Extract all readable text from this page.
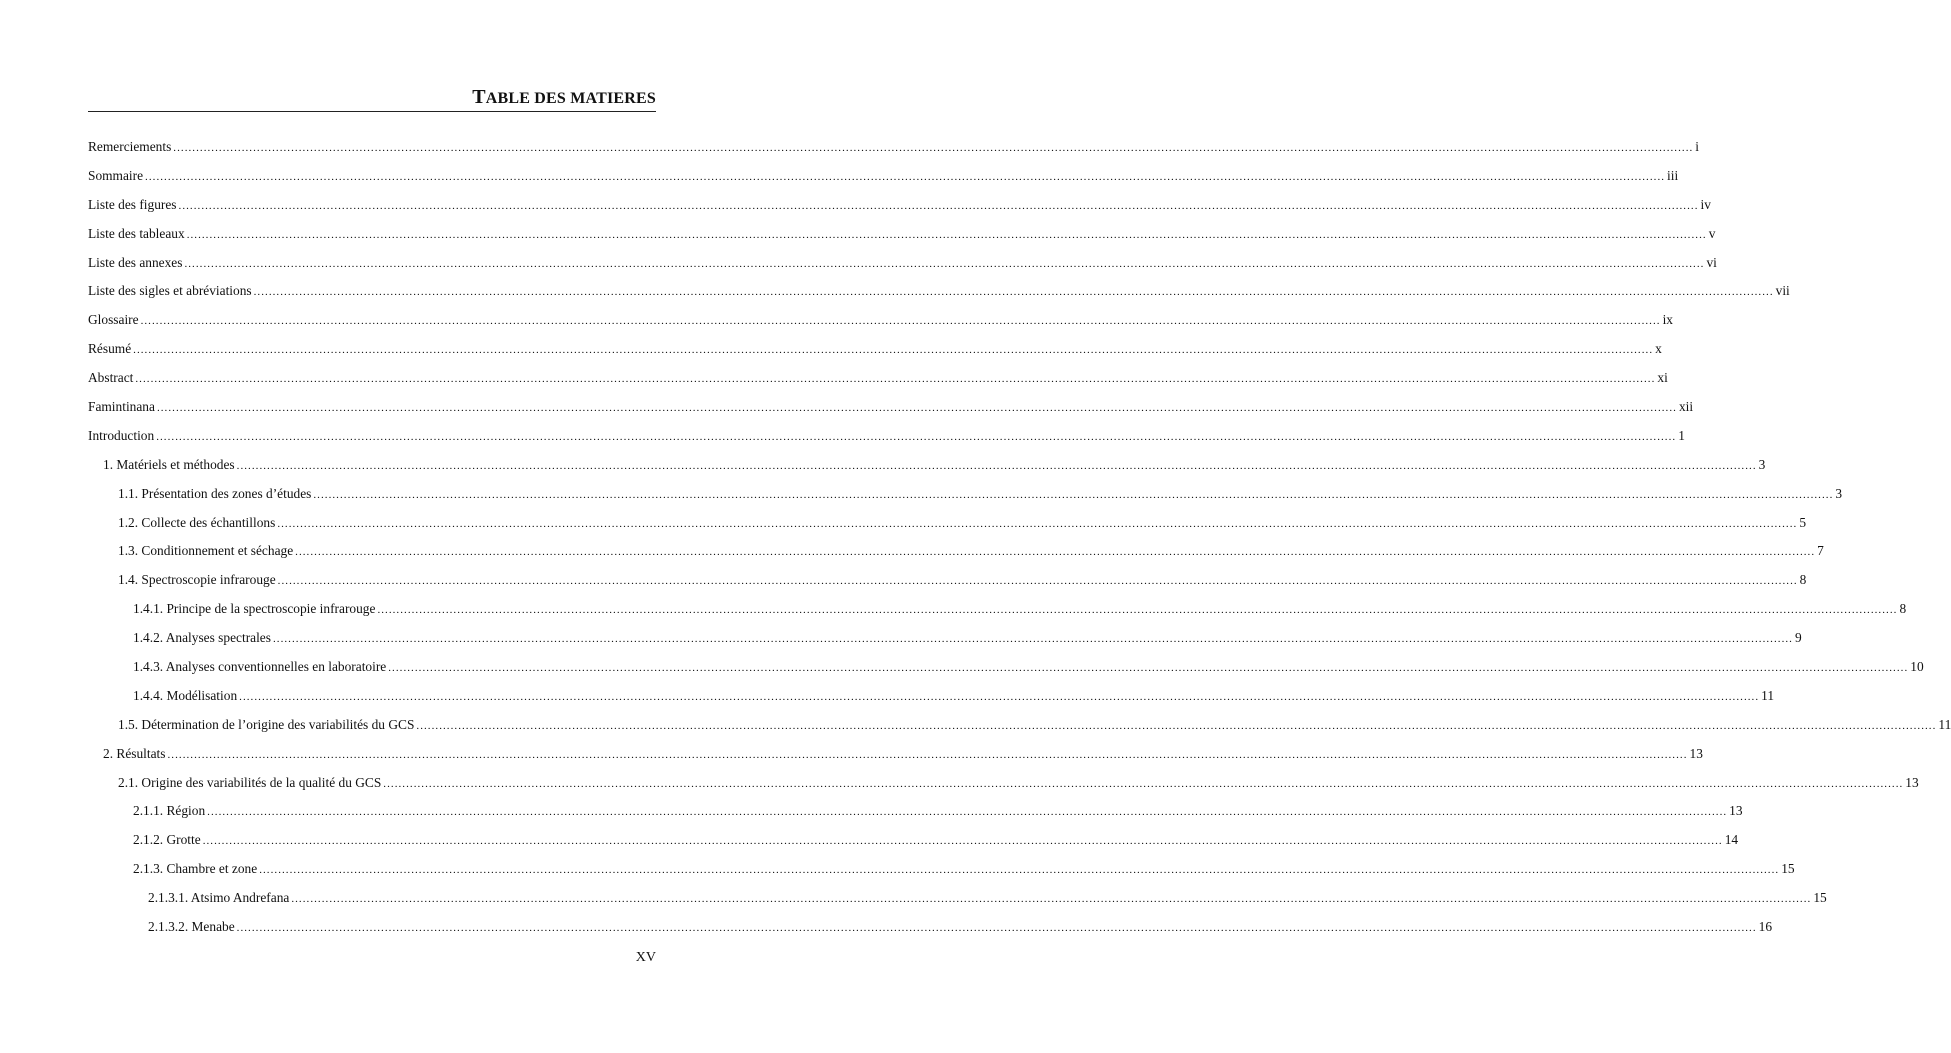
TABLE DES MATIERES
Remerciements ................................................................................................................................................................................................................................................................................................................................................................................................................ i
Sommaire ................................................................................................................................................................................................................................................................................................................................................................................................................ iii
Liste des figures ................................................................................................................................................................................................................................................................................................................................................................................................................ iv
Liste des tableaux ................................................................................................................................................................................................................................................................................................................................................................................................................ v
Liste des annexes ................................................................................................................................................................................................................................................................................................................................................................................................................ vi
Liste des sigles et abréviations ................................................................................................................................................................................................................................................................................................................................................................................................................ vii
Glossaire ................................................................................................................................................................................................................................................................................................................................................................................................................ ix
Résumé ................................................................................................................................................................................................................................................................................................................................................................................................................ x
Abstract ................................................................................................................................................................................................................................................................................................................................................................................................................ xi
Famintinana ................................................................................................................................................................................................................................................................................................................................................................................................................ xii
Introduction ................................................................................................................................................................................................................................................................................................................................................................................................................ 1
1. Matériels et méthodes ................................................................................................................................................................................................................................................................................................................................................................................................................ 3
1.1. Présentation des zones d’études ................................................................................................................................................................................................................................................................................................................................................................................................................ 3
1.2. Collecte des échantillons ................................................................................................................................................................................................................................................................................................................................................................................................................ 5
1.3. Conditionnement et séchage ................................................................................................................................................................................................................................................................................................................................................................................................................ 7
1.4. Spectroscopie infrarouge ................................................................................................................................................................................................................................................................................................................................................................................................................ 8
1.4.1. Principe de la spectroscopie infrarouge ................................................................................................................................................................................................................................................................................................................................................................................................................ 8
1.4.2. Analyses spectrales ................................................................................................................................................................................................................................................................................................................................................................................................................ 9
1.4.3. Analyses conventionnelles en laboratoire ................................................................................................................................................................................................................................................................................................................................................................................................................ 10
1.4.4. Modélisation ................................................................................................................................................................................................................................................................................................................................................................................................................ 11
1.5. Détermination de l’origine des variabilités du GCS ................................................................................................................................................................................................................................................................................................................................................................................................................ 11
2. Résultats ................................................................................................................................................................................................................................................................................................................................................................................................................ 13
2.1. Origine des variabilités de la qualité du GCS ................................................................................................................................................................................................................................................................................................................................................................................................................ 13
2.1.1. Région ................................................................................................................................................................................................................................................................................................................................................................................................................ 13
2.1.2. Grotte ................................................................................................................................................................................................................................................................................................................................................................................................................ 14
2.1.3. Chambre et zone ................................................................................................................................................................................................................................................................................................................................................................................................................ 15
2.1.3.1. Atsimo Andrefana ................................................................................................................................................................................................................................................................................................................................................................................................................ 15
2.1.3.2. Menabe ................................................................................................................................................................................................................................................................................................................................................................................................................ 16
XV
